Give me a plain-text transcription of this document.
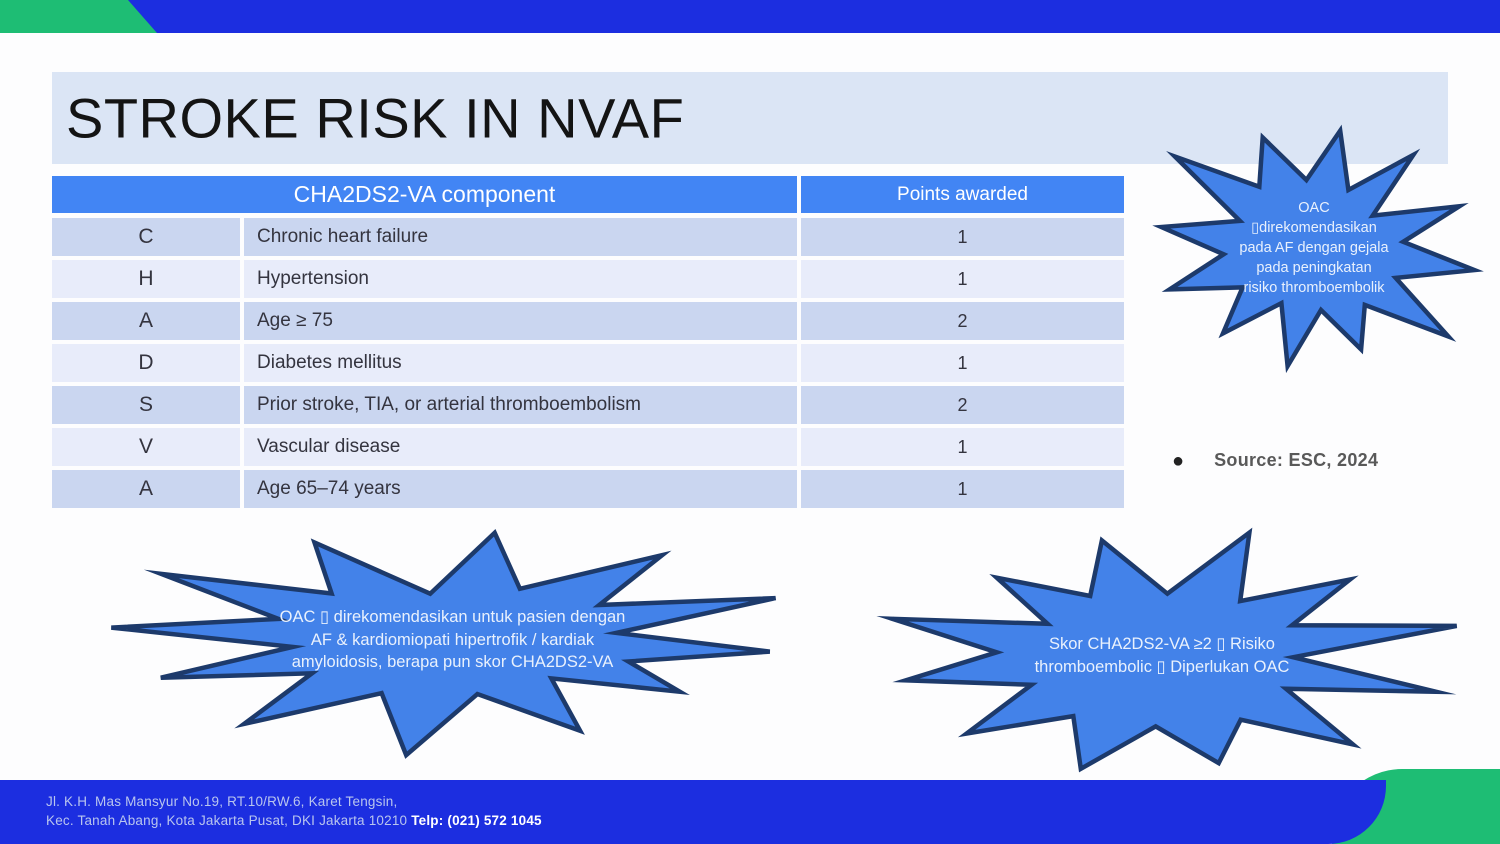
STROKE RISK IN NVAF
CHA2DS2-VA component	Points awarded
C	Chronic heart failure	1
H	Hypertension	1
A	Age ≥ 75	2
D	Diabetes mellitus	1
S	Prior stroke, TIA, or arterial thromboembolism	2
V	Vascular disease	1
A	Age 65–74 years	1
● Source: ESC, 2024
OAC
▯direkomendasikan
pada AF dengan gejala
pada peningkatan
risiko thromboembolik
OAC ▯ direkomendasikan untuk pasien dengan
AF & kardiomiopati hipertrofik / kardiak
amyloidosis, berapa pun skor CHA2DS2-VA
Skor CHA2DS2-VA ≥2 ▯ Risiko
thromboembolic ▯ Diperlukan OAC
Jl. K.H. Mas Mansyur No.19, RT.10/RW.6, Karet Tengsin,
Kec. Tanah Abang, Kota Jakarta Pusat, DKI Jakarta 10210 Telp: (021) 572 1045
